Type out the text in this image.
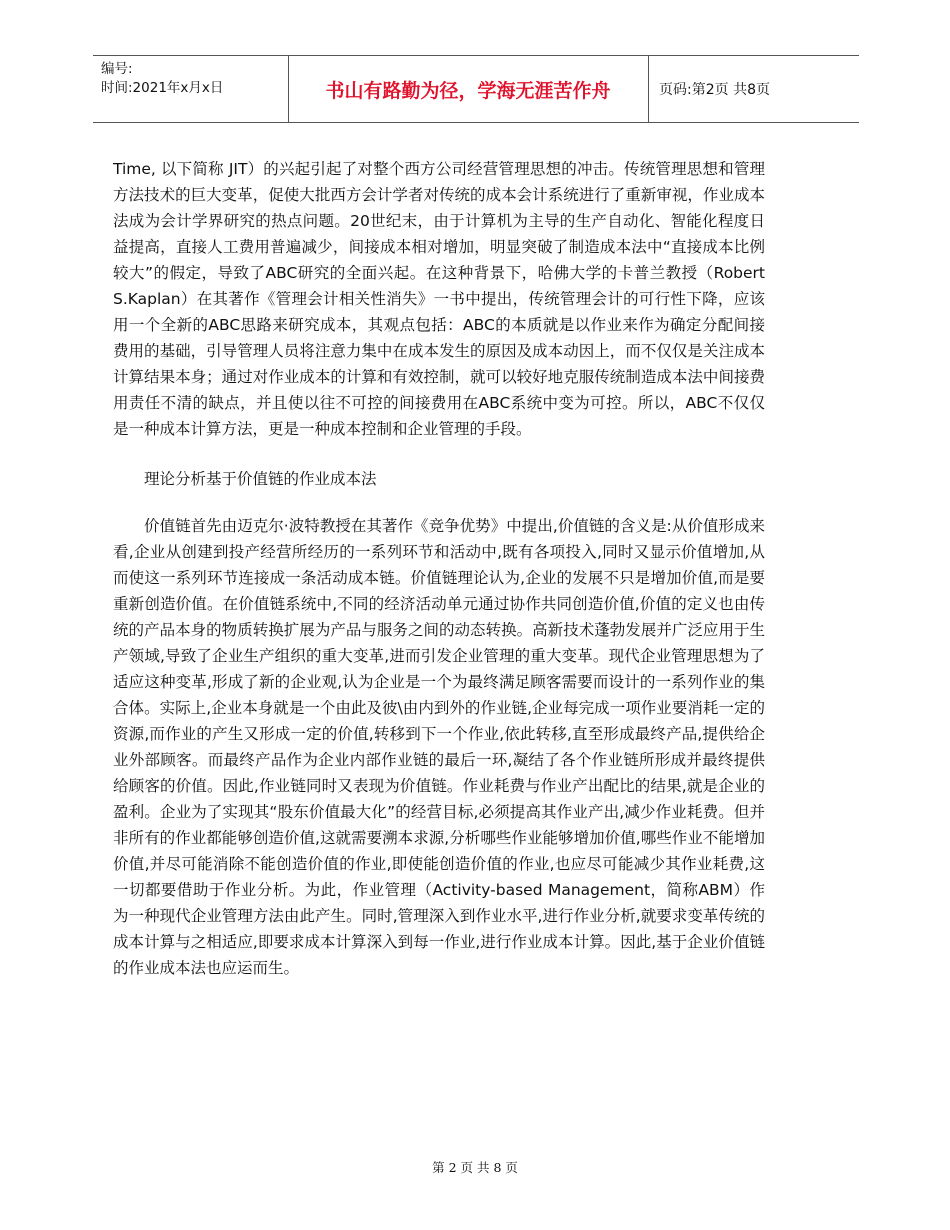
编号:
时间:2021年x月x日	书山有路勤为径，学海无涯苦作舟	页码:第2页 共8页

Time, 以下简称 JIT）的兴起引起了对整个西方公司经营管理思想的冲击。传统管理思想和管理方法技术的巨大变革，促使大批西方会计学者对传统的成本会计系统进行了重新审视，作业成本法成为会计学界研究的热点问题。20世纪末，由于计算机为主导的生产自动化、智能化程度日益提高，直接人工费用普遍减少，间接成本相对增加，明显突破了制造成本法中“直接成本比例较大”的假定，导致了ABC研究的全面兴起。在这种背景下，哈佛大学的卡普兰教授（Robert S.Kaplan）在其著作《管理会计相关性消失》一书中提出，传统管理会计的可行性下降，应该用一个全新的ABC思路来研究成本，其观点包括：ABC的本质就是以作业来作为确定分配间接费用的基础，引导管理人员将注意力集中在成本发生的原因及成本动因上，而不仅仅是关注成本计算结果本身；通过对作业成本的计算和有效控制，就可以较好地克服传统制造成本法中间接费用责任不清的缺点，并且使以往不可控的间接费用在ABC系统中变为可控。所以，ABC不仅仅是一种成本计算方法，更是一种成本控制和企业管理的手段。

理论分析基于价值链的作业成本法

价值链首先由迈克尔·波特教授在其著作《竞争优势》中提出,价值链的含义是:从价值形成来看,企业从创建到投产经营所经历的一系列环节和活动中,既有各项投入,同时又显示价值增加,从而使这一系列环节连接成一条活动成本链。价值链理论认为,企业的发展不只是增加价值,而是要重新创造价值。在价值链系统中,不同的经济活动单元通过协作共同创造价值,价值的定义也由传统的产品本身的物质转换扩展为产品与服务之间的动态转换。高新技术蓬勃发展并广泛应用于生产领域,导致了企业生产组织的重大变革,进而引发企业管理的重大变革。现代企业管理思想为了适应这种变革,形成了新的企业观,认为企业是一个为最终满足顾客需要而设计的一系列作业的集合体。实际上,企业本身就是一个由此及彼\由内到外的作业链,企业每完成一项作业要消耗一定的资源,而作业的产生又形成一定的价值,转移到下一个作业,依此转移,直至形成最终产品,提供给企业外部顾客。而最终产品作为企业内部作业链的最后一环,凝结了各个作业链所形成并最终提供给顾客的价值。因此,作业链同时又表现为价值链。作业耗费与作业产出配比的结果,就是企业的盈利。企业为了实现其“股东价值最大化”的经营目标,必须提高其作业产出,减少作业耗费。但并非所有的作业都能够创造价值,这就需要溯本求源,分析哪些作业能够增加价值,哪些作业不能增加价值,并尽可能消除不能创造价值的作业,即使能创造价值的作业,也应尽可能减少其作业耗费,这一切都要借助于作业分析。为此，作业管理（Activity-based Management，简称ABM）作为一种现代企业管理方法由此产生。同时,管理深入到作业水平,进行作业分析,就要求变革传统的成本计算与之相适应,即要求成本计算深入到每一作业,进行作业成本计算。因此,基于企业价值链的作业成本法也应运而生。

第 2 页 共 8 页
